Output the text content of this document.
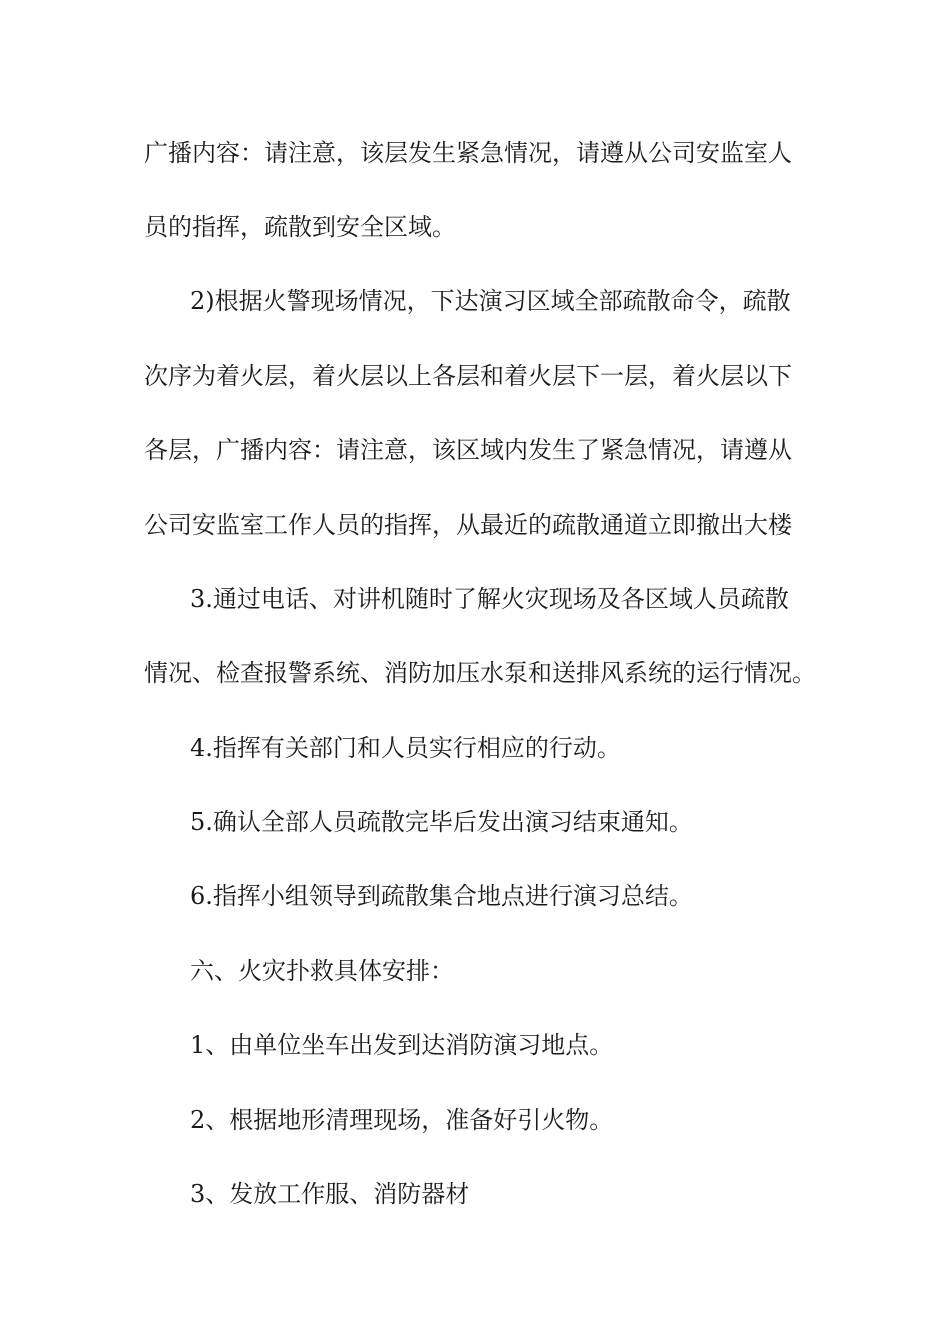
广播内容：请注意，该层发生紧急情况，请遵从公司安监室人
员的指挥，疏散到安全区域。
2)根据火警现场情况，下达演习区域全部疏散命令，疏散
次序为着火层，着火层以上各层和着火层下一层，着火层以下
各层，广播内容：请注意，该区域内发生了紧急情况，请遵从
公司安监室工作人员的指挥，从最近的疏散通道立即撤出大楼
3.通过电话、对讲机随时了解火灾现场及各区域人员疏散
情况、检查报警系统、消防加压水泵和送排风系统的运行情况。
4.指挥有关部门和人员实行相应的行动。
5.确认全部人员疏散完毕后发出演习结束通知。
6.指挥小组领导到疏散集合地点进行演习总结。
六、火灾扑救具体安排：
1、由单位坐车出发到达消防演习地点。
2、根据地形清理现场，准备好引火物。
3、发放工作服、消防器材
